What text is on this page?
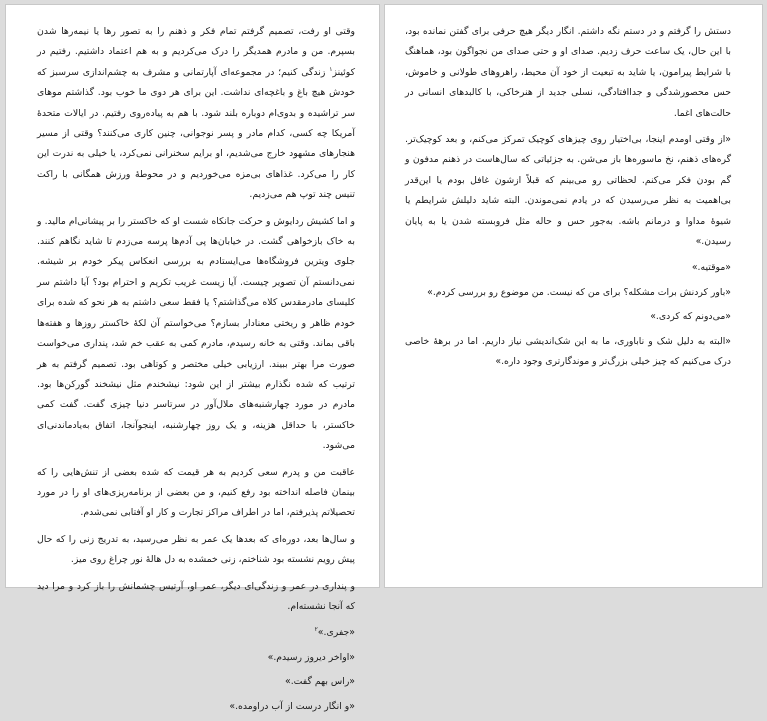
وقتی او رفت، تصمیم گرفتم تمام فکر و ذهنم را به تصور رها یا نیمه‌رها شدن بسپرم. من و مادرم همدیگر را درک می‌کردیم و به هم اعتماد داشتیم. رفتیم در کوئینز$^۱$ زندگی کنیم؛ در مجموعه‌ای آپارتمانی و مشرف به چشم‌اندازی سرسبز که خودش هیچ باغ و باغچه‌ای نداشت. این برای هر دوی ما خوب بود. گذاشتم موهای سر تراشیده و بدوی‌ام دوباره بلند شود. با هم به پیاده‌روی رفتیم. در ایالات متحدهٔ آمریکا چه کسی، کدام مادر و پسر نوجوانی، چنین کاری می‌کنند؟ وقتی از مسیر هنجارهای مشهود خارج می‌شدیم، او برایم سخنرانی نمی‌کرد، یا خیلی به ندرت این کار را می‌کرد. غذاهای بی‌مزه می‌خوردیم و در محوطهٔ ورزش همگانی با راکت تنیس چند توپ هم می‌زدیم.

و اما کشیش ردایوش و حرکت جانکاه شست او که خاکستر را بر پیشانی‌ام مالید. و به خاک بازخواهی گشت. در خیابان‌ها پی آدم‌ها پرسه می‌زدم تا شاید نگاهم کنند. جلوی ویترین فروشگاه‌ها می‌ایستادم به بررسی انعکاس پیکر خودم بر شیشه. نمی‌دانستم آن تصویر چیست. آیا زیست غریب تکریم و احترام بود؟ آیا داشتم سر کلیسای مادرمقدس کلاه می‌گذاشتم؟ یا فقط سعی داشتم به هر نحو که شده برای خودم ظاهر و ریختی معنادار بسازم؟ می‌خواستم آن لکهٔ خاکستر روزها و هفته‌ها باقی بماند. وقتی به خانه رسیدم، مادرم کمی به عقب خم شد، پنداری می‌خواست صورت مرا بهتر ببیند. ارزیابی خیلی مختصر و کوتاهی بود. تصمیم گرفتم به هر ترتیب که شده نگذارم بیشتر از این شود: نیشخندم مثل نیشخند گورکن‌ها بود. مادرم در مورد چهارشنبه‌های ملال‌آور در سرتاسر دنیا چیزی گفت. گفت کمی خاکستر، با حداقل هزینه، و یک روز چهارشنبه، اینجوآنجا، اتفاق به‌یادماندنی‌ای می‌شود.

عاقبت من و پدرم سعی کردیم به هر قیمت که شده بعضی از تنش‌هایی را که بینمان فاصله انداخته بود رفع کنیم، و من بعضی از برنامه‌ریزی‌های او را در مورد تحصیلاتم پذیرفتم، اما در اطراف مراکز تجارت و کار او آفتابی نمی‌شدم.

و سال‌ها بعد، دوره‌ای که بعدها یک عمر به نظر می‌رسید، به تدریج زنی را که حال پیش رویم نشسته بود شناختم، زنی خمشده به دل هالهٔ نور چراغ روی میز.

و پنداری در عمر و زندگی‌ای دیگر، عمر او، آرتیس چشمانش را باز کرد و مرا دید که آنجا نشسته‌ام.

«جفری.»$^۲$

«اواخر دیروز رسیدم.»

«راس بهم گفت.»

«و انگار درست از آب دراومده.»

دستش را گرفتم و در دستم نگه داشتم. انگار دیگر هیچ حرفی برای گفتن نمانده بود، با این حال، یک ساعت حرف زدیم. صدای او و حتی صدای من نجواگون بود، هماهنگ با شرایط پیرامون، یا شاید به تبعیت از خود آن محیط، راهروهای طولانی و خاموش، حس محصورشدگی و جداافتادگی، نسلی جدید از هنرخاکی، با کالبدهای انسانی در حالت‌های اغما.

«از وقتی اومدم اینجا، بی‌اختیار روی چیزهای کوچیک تمرکز می‌کنم، و بعد کوچیک‌تر. گره‌های ذهنم، نخ ماسوره‌ها باز می‌شن. به جزئیاتی که سال‌هاست در ذهنم مدفون و گم بودن فکر می‌کنم. لحظاتی رو می‌بینم که قبلاً ازشون غافل بودم یا این‌قدر بی‌اهمیت به نظر می‌رسیدن که در یادم نمی‌موندن. البته شاید دلیلش شرایطم یا شیوهٔ مداوا و درمانم باشه. به‌جور حس و حاله مثل فروبسته شدن یا به پایان رسیدن.»

«موقتیه.»

«باور کردنش برات مشکله؟ برای من که نیست. من موضوع رو بررسی کردم.»

«می‌دونم که کردی.»

«البته به دلیل شک و ناباوری، ما به این شک‌اندیشی نیاز داریم. اما در برههٔ خاصی درک می‌کنیم که چیز خیلی بزرگ‌تر و موندگارتری وجود داره.»
